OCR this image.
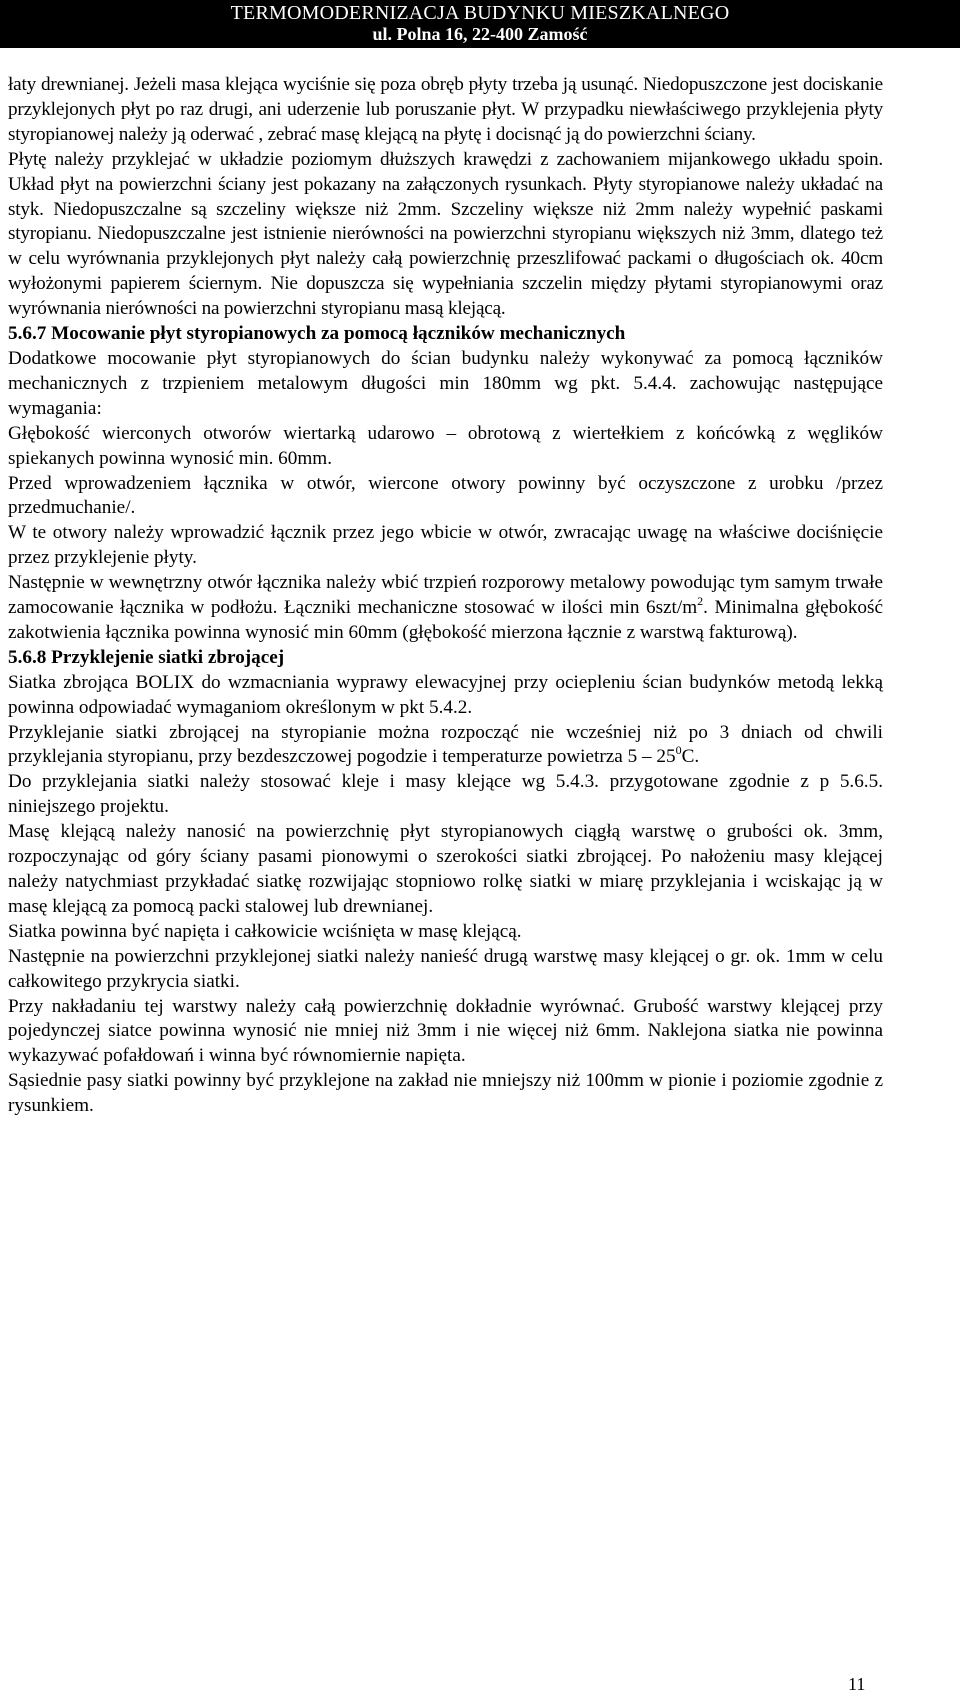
TERMOMODERNIZACJA BUDYNKU MIESZKALNEGO
ul. Polna 16, 22-400 Zamość

łaty drewnianej. Jeżeli masa klejąca wyciśnie się poza obręb płyty trzeba ją usunąć. Niedopuszczone jest dociskanie przyklejonych płyt po raz drugi, ani uderzenie lub poruszanie płyt. W przypadku niewłaściwego przyklejenia płyty styropianowej należy ją oderwać , zebrać masę klejącą na płytę i docisnąć ją do powierzchni ściany.

Płytę należy przyklejać w układzie poziomym dłuższych krawędzi z zachowaniem mijankowego układu spoin. Układ płyt na powierzchni ściany jest pokazany na załączonych rysunkach. Płyty styropianowe należy układać na styk. Niedopuszczalne są szczeliny większe niż 2mm. Szczeliny większe niż 2mm należy wypełnić paskami styropianu. Niedopuszczalne jest istnienie nierówności na powierzchni styropianu większych niż 3mm, dlatego też w celu wyrównania przyklejonych płyt należy całą powierzchnię przeszlifować packami o długościach ok. 40cm wyłożonymi papierem ściernym. Nie dopuszcza się wypełniania szczelin między płytami styropianowymi oraz wyrównania nierówności na powierzchni styropianu masą klejącą.

5.6.7 Mocowanie płyt styropianowych za pomocą łączników mechanicznych

Dodatkowe mocowanie płyt styropianowych do ścian budynku należy wykonywać za pomocą łączników mechanicznych z trzpieniem metalowym długości min 180mm wg pkt. 5.4.4. zachowując następujące wymagania:

Głębokość wierconych otworów wiertarką udarowo – obrotową z wiertełkiem z końcówką z węglików spiekanych powinna wynosić min. 60mm.

Przed wprowadzeniem łącznika w otwór, wiercone otwory powinny być oczyszczone z urobku /przez przedmuchanie/.

W te otwory należy wprowadzić łącznik przez jego wbicie w otwór, zwracając uwagę na właściwe dociśnięcie przez przyklejenie płyty.

Następnie w wewnętrzny otwór łącznika należy wbić trzpień rozporowy metalowy powodując tym samym trwałe zamocowanie łącznika w podłożu. Łączniki mechaniczne stosować w ilości $\min 6szt/m^2$. Minimalna głębokość zakotwienia łącznika powinna wynosić min 60mm (głębokość mierzona łącznie z warstwą fakturową).

5.6.8 Przyklejenie siatki zbrojącej

Siatka zbrojąca BOLIX do wzmacniania wyprawy elewacyjnej przy ociepleniu ścian budynków metodą lekką powinna odpowiadać wymaganiom określonym w pkt 5.4.2.

Przyklejanie siatki zbrojącej na styropianie można rozpocząć nie wcześniej niż po 3 dniach od chwili przyklejania styropianu, przy bezdeszczowej pogodzie i temperaturze powietrza $5 - 25^0C$.

Do przyklejania siatki należy stosować kleje i masy klejące wg 5.4.3. przygotowane zgodnie z p 5.6.5. niniejszego projektu.

Masę klejącą należy nanosić na powierzchnię płyt styropianowych ciągłą warstwę o grubości ok. 3mm, rozpoczynając od góry ściany pasami pionowymi o szerokości siatki zbrojącej. Po nałożeniu masy klejącej należy natychmiast przykładać siatkę rozwijając stopniowo rolkę siatki w miarę przyklejania i wciskając ją w masę klejącą za pomocą packi stalowej lub drewnianej.

Siatka powinna być napięta i całkowicie wciśnięta w masę klejącą.

Następnie na powierzchni przyklejonej siatki należy nanieść drugą warstwę masy klejącej o gr. ok. 1mm w celu całkowitego przykrycia siatki.

Przy nakładaniu tej warstwy należy całą powierzchnię dokładnie wyrównać. Grubość warstwy klejącej przy pojedynczej siatce powinna wynosić nie mniej niż 3mm i nie więcej niż 6mm. Naklejona siatka nie powinna wykazywać pofałdowań i winna być równomiernie napięta.

Sąsiednie pasy siatki powinny być przyklejone na zakład nie mniejszy niż 100mm w pionie i poziomie zgodnie z rysunkiem.

11
